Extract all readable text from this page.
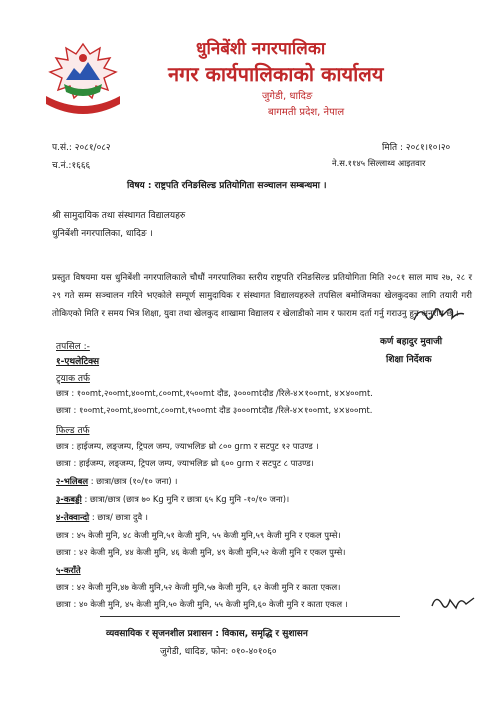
धुनिबेंशी नगरपालिका
नगर कार्यपालिकाको कार्यालय
जुगेडी, धादिङ
बागमती प्रदेश, नेपाल
प.सं.: २०८१/०८२
च.नं.:१६६६
मिति : २०८१।१०।२०
ने.स.११४५ सिल्लाथ्व आइतवार
विषय : राष्ट्रपति रनिङसिल्ड प्रतियोगिता सञ्चालन सम्बन्धमा ।
श्री सामुदायिक तथा संस्थागत विद्यालयहरु
धुनिबेंशी नगरपालिका, धादिङ ।
प्रस्तुत विषयमा यस धुनिबेंशी नगरपालिकाले चौधौं नगरपालिका स्तरीय राष्ट्रपति रनिङसिल्ड प्रतियोगिता मिति २०८१ साल माघ २७, २८ र २९ गते सम्म सञ्चालन गरिने भएकोले सम्पूर्ण सामुदायिक र संस्थागत विद्यालयहरुले तपसिल बमोजिमका खेलकुदका लागि तयारी गरी तोकिएको मिति र समय भित्र शिक्षा, युवा तथा खेलकुद शाखामा विद्यालय र खेलाडीको नाम र फाराम दर्ता गर्नु गराउनु हुन अनुरोध छ ।
कर्ण बहादुर मुवाजी
शिक्षा निर्देशक
तपसिल :-
१-एथलेटिक्स
ट्र्याक तर्फ
छात्र : १००mt,२००mt,४००mt,८००mt,१५००mt दौड, ३०००mtदौड /रिले-४×१००mt, ४×४००mt.
छात्रा : १००mt,२००mt,४००mt,८००mt,१५००mt दौड ३०००mtदौड /रिले-४×१००mt, ४×४००mt.
फिल्ड तर्फ
छात्र : हाईजम्प, लङ्जम्प, ट्रिपल जम्प, ज्याभलिङ थ्रो ८०० grm र सटपुट १२ पाउण्ड ।
छात्रा : हाईजम्प, लङ्जम्प, ट्रिपल जम्प, ज्याभलिङ थ्रो ६०० grm र सटपुट ८ पाउण्ड।
२-भलिबल : छात्रा/छात्र (१०/१० जना) ।
३-कबड्डी : छात्रा/छात्र (छात्र ७० Kg मुनि र छात्रा ६५ Kg मुनि -१०/१० जना)।
४-तेक्वान्दो : छात्र/ छात्रा दुवै ।
छात्र : ४५ केजी मुनि, ४८ केजी मुनि,५१ केजी मुनि, ५५ केजी मुनि,५९ केजी मुनि र एकल पुम्से।
छात्रा : ४२ केजी मुनि, ४४ केजी मुनि, ४६ केजी मुनि, ४९ केजी मुनि,५२ केजी मुनि र एकल पुम्से।
५-कराँते
छात्र : ४२ केजी मुनि,४७ केजी मुनि,५२ केजी मुनि,५७ केजी मुनि, ६२ केजी मुनि र काता एकल।
छात्रा : ४० केजी मुनि, ४५ केजी मुनि,५० केजी मुनि, ५५ केजी मुनि,६० केजी मुनि र काता एकल ।
व्यवसायिक र सृजनशील प्रशासन : विकास, समृद्धि र सुशासन
जुगेडी, धादिङ, फोन: ०१०-४०१०६०
